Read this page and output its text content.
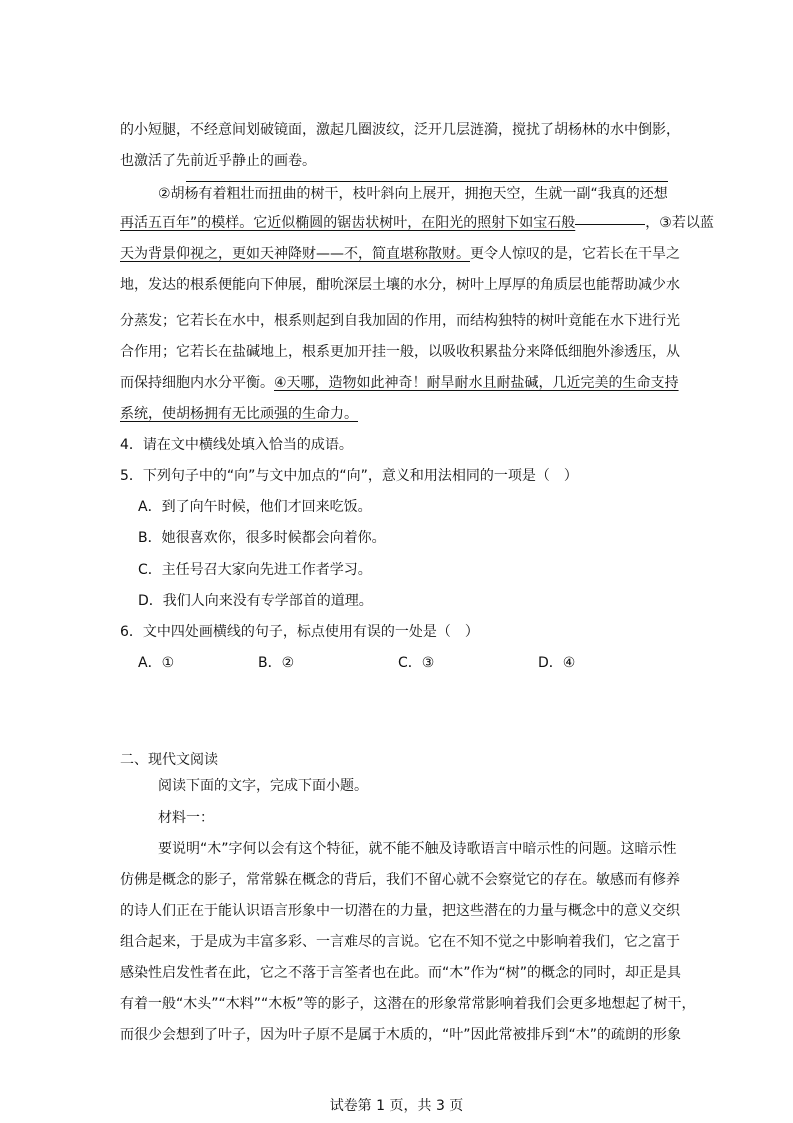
的小短腿，不经意间划破镜面，激起几圈波纹，泛开几层涟漪，搅扰了胡杨林的水中倒影，
也激活了先前近乎静止的画卷。
②胡杨有着粗壮而扭曲的树干，枝叶斜向上展开，拥抱天空，生就一副“我真的还想
再活五百年”的模样。它近似椭圆的锯齿状树叶，在阳光的照射下如宝石般	，③若以蓝
天为背景仰视之，更如天神降财——不，简直堪称散财。更令人惊叹的是，它若长在干旱之
地，发达的根系便能向下伸展，酣吮深层土壤的水分，树叶上厚厚的角质层也能帮助减少水
分蒸发；它若长在水中，根系则起到自我加固的作用，而结构独特的树叶竟能在水下进行光
合作用；它若长在盐碱地上，根系更加开挂一般，以吸收积累盐分来降低细胞外渗透压，从
而保持细胞内水分平衡。④天哪，造物如此神奇！耐旱耐水且耐盐碱，几近完美的生命支持
系统，使胡杨拥有无比顽强的生命力。
4．请在文中横线处填入恰当的成语。
5．下列句子中的“向”与文中加点的“向”，意义和用法相同的一项是（　）
A．到了向午时候，他们才回来吃饭。
B．她很喜欢你，很多时候都会向着你。
C．主任号召大家向先进工作者学习。
D．我们人向来没有专学部首的道理。
6．文中四处画横线的句子，标点使用有误的一处是（　）
A．①	B．②	C．③	D．④
二、现代文阅读
阅读下面的文字，完成下面小题。
材料一：
要说明“木”字何以会有这个特征，就不能不触及诗歌语言中暗示性的问题。这暗示性
仿佛是概念的影子，常常躲在概念的背后，我们不留心就不会察觉它的存在。敏感而有修养
的诗人们正在于能认识语言形象中一切潜在的力量，把这些潜在的力量与概念中的意义交织
组合起来，于是成为丰富多彩、一言难尽的言说。它在不知不觉之中影响着我们，它之富于
感染性启发性者在此，它之不落于言筌者也在此。而“木”作为“树”的概念的同时，却正是具
有着一般“木头”“木料”“木板”等的影子，这潜在的形象常常影响着我们会更多地想起了树干，
而很少会想到了叶子，因为叶子原不是属于木质的，“叶”因此常被排斥到“木”的疏朗的形象
试卷第 1 页，共 3 页
